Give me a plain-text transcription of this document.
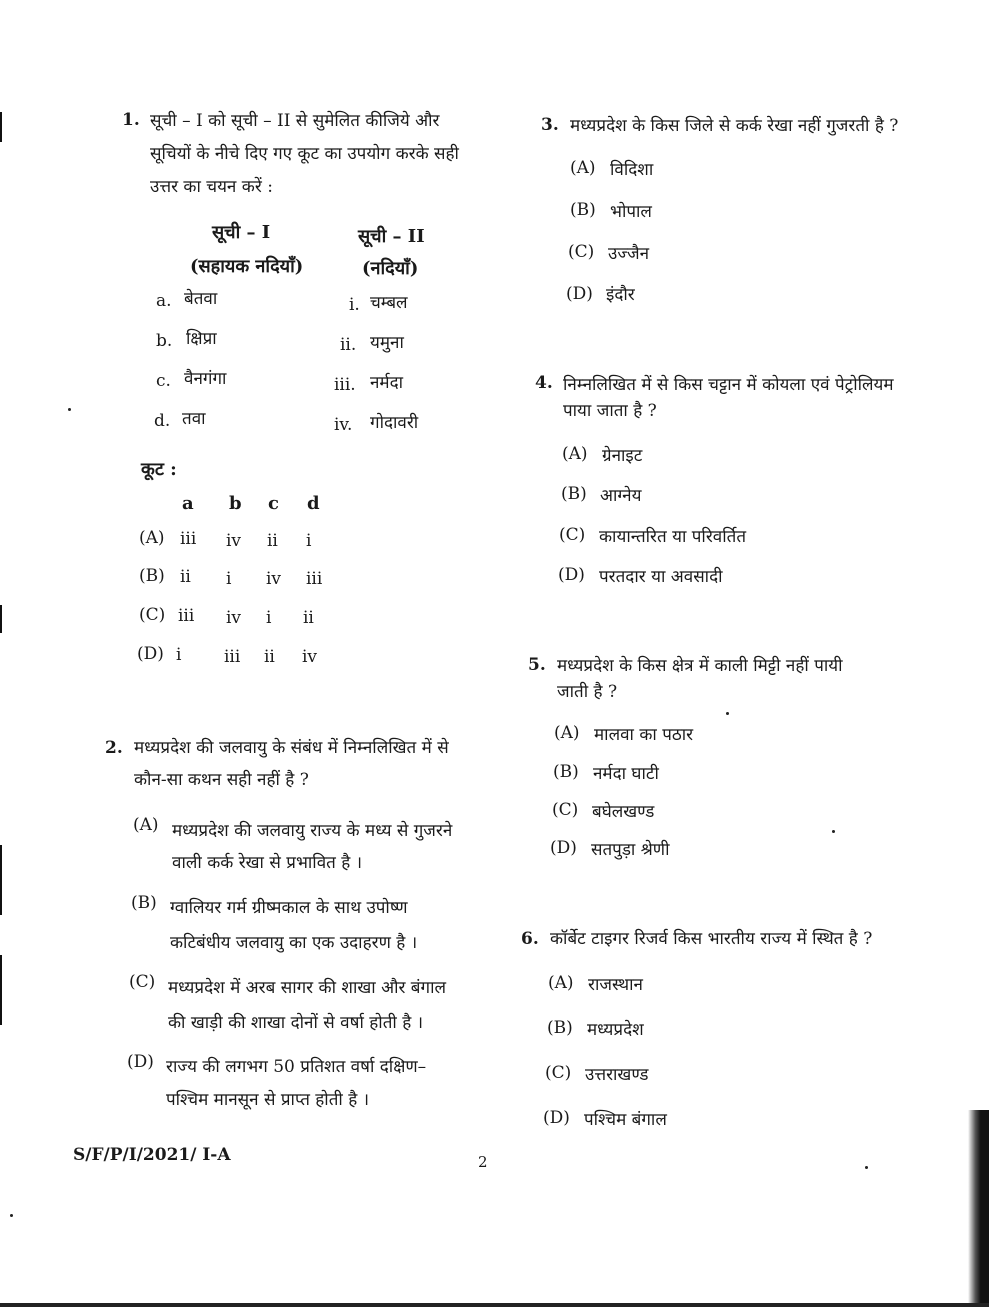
1. सूची – I को सूची – II से सुमेलित कीजिये और
सूचियों के नीचे दिए गए कूट का उपयोग करके सही
उत्तर का चयन करें :
सूची – I
(सहायक नदियाँ)
सूची – II
(नदियाँ)
a. बेतवा
b. क्षिप्रा
c. वैनगंगा
d. तवा
i. चम्बल
ii. यमुना
iii. नर्मदा
iv. गोदावरी
कूट :
a b c d
(A) iii iv ii i
(B) ii i iv iii
(C) iii iv i ii
(D) i	iii ii iv
2. मध्यप्रदेश की जलवायु के संबंध में निम्नलिखित में से
कौन-सा कथन सही नहीं है ?
(A) मध्यप्रदेश की जलवायु राज्य के मध्य से गुजरने
वाली कर्क रेखा से प्रभावित है ।
(B) ग्वालियर गर्म ग्रीष्मकाल के साथ उपोष्ण
कटिबंधीय जलवायु का एक उदाहरण है ।
(C) मध्यप्रदेश में अरब सागर की शाखा और बंगाल
की खाड़ी की शाखा दोनों से वर्षा होती है ।
(D) राज्य की लगभग 50 प्रतिशत वर्षा दक्षिण–
पश्चिम मानसून से प्राप्त होती है ।
3. मध्यप्रदेश के किस जिले से कर्क रेखा नहीं गुजरती है ?
(A) विदिशा
(B) भोपाल
(C) उज्जैन
(D) इंदौर
4. निम्नलिखित में से किस चट्टान में कोयला एवं पेट्रोलियम
पाया जाता है ?
(A) ग्रेनाइट
(B) आग्नेय
(C) कायान्तरित या परिवर्तित
(D) परतदार या अवसादी
5. मध्यप्रदेश के किस क्षेत्र में काली मिट्टी नहीं पायी
जाती है ?
(A) मालवा का पठार
(B) नर्मदा घाटी
(C) बघेलखण्ड
(D) सतपुड़ा श्रेणी
6. कॉर्बेट टाइगर रिजर्व किस भारतीय राज्य में स्थित है ?
(A) राजस्थान
(B) मध्यप्रदेश
(C) उत्तराखण्ड
(D) पश्चिम बंगाल
S/F/P/I/2021/ I-A	2
